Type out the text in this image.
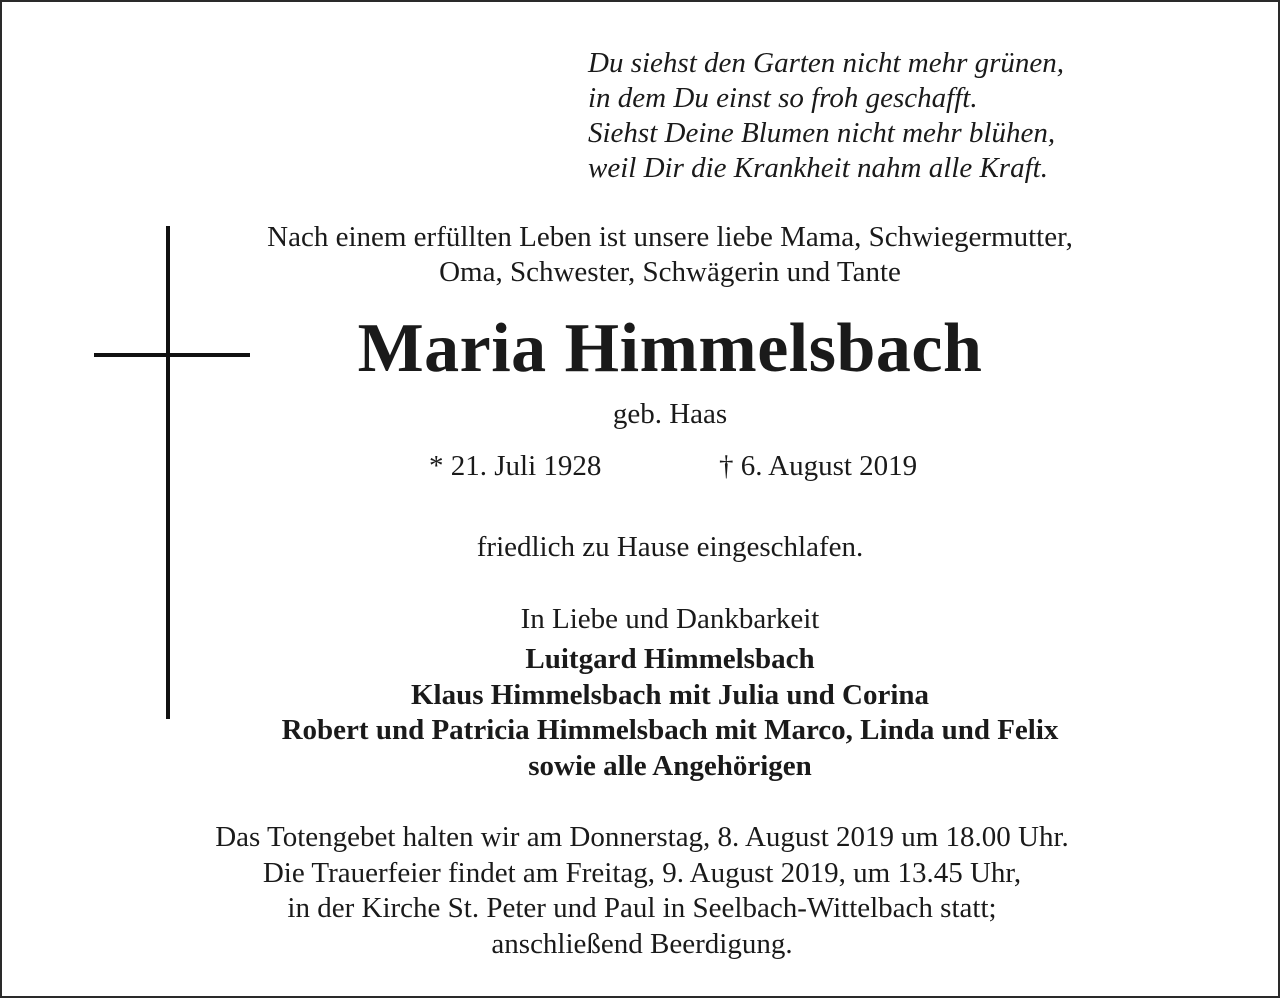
Du siehst den Garten nicht mehr grünen,
in dem Du einst so froh geschafft.
Siehst Deine Blumen nicht mehr blühen,
weil Dir die Krankheit nahm alle Kraft.

Nach einem erfüllten Leben ist unsere liebe Mama, Schwiegermutter,
Oma, Schwester, Schwägerin und Tante

Maria Himmelsbach

geb. Haas

* 21. Juli 1928	† 6. August 2019

friedlich zu Hause eingeschlafen.

In Liebe und Dankbarkeit

Luitgard Himmelsbach
Klaus Himmelsbach mit Julia und Corina
Robert und Patricia Himmelsbach mit Marco, Linda und Felix
sowie alle Angehörigen

Das Totengebet halten wir am Donnerstag, 8. August 2019 um 18.00 Uhr.
Die Trauerfeier findet am Freitag, 9. August 2019, um 13.45 Uhr,
in der Kirche St. Peter und Paul in Seelbach-Wittelbach statt;
anschließend Beerdigung.
